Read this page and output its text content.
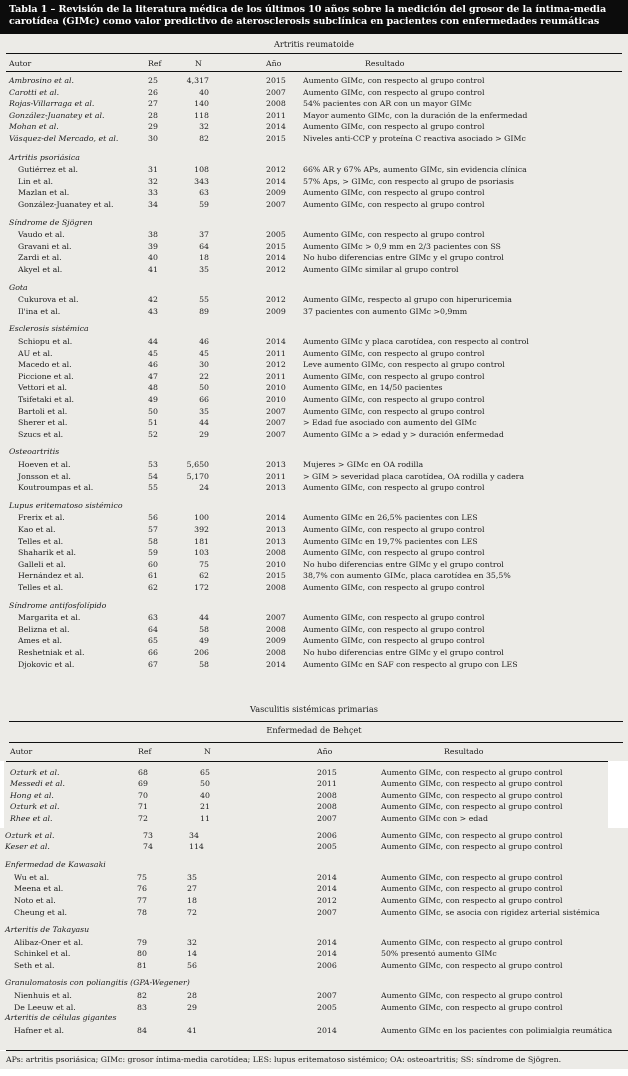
Tabla 1 – Revisión de la literatura médica de los últimos 10 años sobre la medición del grosor de la íntima-media
carotídea (GIMc) como valor predictivo de aterosclerosis subclínica en pacientes con enfermedades reumáticas
Artritis reumatoide
Autor	Ref	N	Año	Resultado
Ambrosino et al.	25	4,317	2015 Aumento GIMc, con respecto al grupo control
Carotti et al.	26	40	2007 Aumento GIMc, con respecto al grupo control
Rojas-Villarraga et al.	27	140	2008 54% pacientes con AR con un mayor GIMc
González-Juanatey et al.	28	118	2011 Mayor aumento GIMc, con la duración de la enfermedad
Mohan et al.	29	32	2014 Aumento GIMc, con respecto al grupo control
Vásquez-del Mercado, et al.	30	82	2015 Niveles anti-CCP y proteína C reactiva asociado > GIMc
Artritis psoriásica
Gutiérrez et al.	31	108	2012 66% AR y 67% APs, aumento GIMc, sin evidencia clínica
Lin et al.	32	343	2014 57% Aps, > GIMc, con respecto al grupo de psoriasis
Mazlan et al.	33	63	2009 Aumento GIMc, con respecto al grupo control
González-Juanatey et al.	34	59	2007 Aumento GIMc, con respecto al grupo control
Síndrome de Sjögren
Vaudo et al.	38	37	2005 Aumento GIMc, con respecto al grupo control
Gravani et al.	39	64	2015 Aumento GIMc > 0,9 mm en 2/3 pacientes con SS
Zardi et al.	40	18	2014 No hubo diferencias entre GIMc y el grupo control
Akyel et al.	41	35	2012 Aumento GIMc similar al grupo control
Gota
Cukurova et al.	42	55	2012 Aumento GIMc, respecto al grupo con hiperuricemia
Il'ina et al.	43	89	2009 37 pacientes con aumento GIMc >0,9mm
Esclerosis sistémica
Schiopu et al.	44	46	2014 Aumento GIMc y placa carotídea, con respecto al control
AU et al.	45	45	2011 Aumento GIMc, con respecto al grupo control
Macedo et al.	46	30	2012 Leve aumento GIMc, con respecto al grupo control
Piccione et al.	47	22	2011 Aumento GIMc, con respecto al grupo control
Vettori et al.	48	50	2010 Aumento GIMc, en 14/50 pacientes
Tsifetaki et al.	49	66	2010 Aumento GIMc, con respecto al grupo control
Bartoli et al.	50	35	2007 Aumento GIMc, con respecto al grupo control
Sherer et al.	51	44	2007 > Edad fue asociado con aumento del GIMc
Szucs et al.	52	29	2007 Aumento GIMc a > edad y > duración enfermedad
Osteoartritis
Hoeven et al.	53	5,650	2013 Mujeres > GIMc en OA rodilla
Jonsson et al.	54	5,170	2011 > GIM > severidad placa carotídea, OA rodilla y cadera
Koutroumpas et al.	55	24	2013 Aumento GIMc, con respecto al grupo control
Lupus eritematoso sistémico
Frerix et al.	56	100	2014 Aumento GIMc en 26,5% pacientes con LES
Kao et al.	57	392	2013 Aumento GIMc, con respecto al grupo control
Telles et al.	58	181	2013 Aumento GIMc en 19,7% pacientes con LES
Shaharik et al.	59	103	2008 Aumento GIMc, con respecto al grupo control
Galleli et al.	60	75	2010 No hubo diferencias entre GIMc y el grupo control
Hernández et al.	61	62	2015 38,7% con aumento GIMc, placa carotídea en 35,5%
Telles et al.	62	172	2008 Aumento GIMc, con respecto al grupo control
Síndrome antifosfolípido
Margarita et al.	63	44	2007 Aumento GIMc, con respecto al grupo control
Belizna et al.	64	58	2008 Aumento GIMc, con respecto al grupo control
Ames et al.	65	49	2009 Aumento GIMc, con respecto al grupo control
Reshetniak et al.	66	206	2008 No hubo diferencias entre GIMc y el grupo control
Djokovic et al.	67	58	2014 Aumento GIMc en SAF con respecto al grupo con LES
Vasculitis sistémicas primarias
Enfermedad de Behçet
Autor	Ref	N	Año	Resultado
Ozturk et al.	68	65	2015	Aumento GIMc, con respecto al grupo control
Messedi et al.	69	50	2011	Aumento GIMc, con respecto al grupo control
Hong et al.	70	40	2008	Aumento GIMc, con respecto al grupo control
Ozturk et al.	71	21	2008	Aumento GIMc, con respecto al grupo control
Rhee et al.	72	11	2007	Aumento GIMc con > edad
Ozturk et al.	73	34	2006	Aumento GIMc, con respecto al grupo control
Keser et al.	74	114	2005	Aumento GIMc, con respecto al grupo control
Enfermedad de Kawasaki
Wu et al.	75	35	2014	Aumento GIMc, con respecto al grupo control
Meena et al.	76	27	2014	Aumento GIMc, con respecto al grupo control
Noto et al.	77	18	2012	Aumento GIMc, con respecto al grupo control
Cheung et al.	78	72	2007	Aumento GIMc, se asocia con rigidez arterial sistémica
Arteritis de Takayasu
Alibaz-Oner et al.	79	32	2014	Aumento GIMc, con respecto al grupo control
Schinkel et al.	80	14	2014	50% presentó aumento GIMc
Seth et al.	81	56	2006	Aumento GIMc, con respecto al grupo control
Granulomatosis con poliangitis (GPA-Wegener)
Nienhuis et al.	82	28	2007	Aumento GIMc, con respecto al grupo control
De Leeuw et al.	83	29	2005	Aumento GIMc, con respecto al grupo control
Arteritis de células gigantes
Hafner et al.	84	41	2014	Aumento GIMc en los pacientes con polimialgia reumática
APs: artritis psoriásica; GIMc: grosor íntima-media carotídea; LES: lupus eritematoso sistémico; OA: osteoartritis; SS: síndrome de Sjögren.
